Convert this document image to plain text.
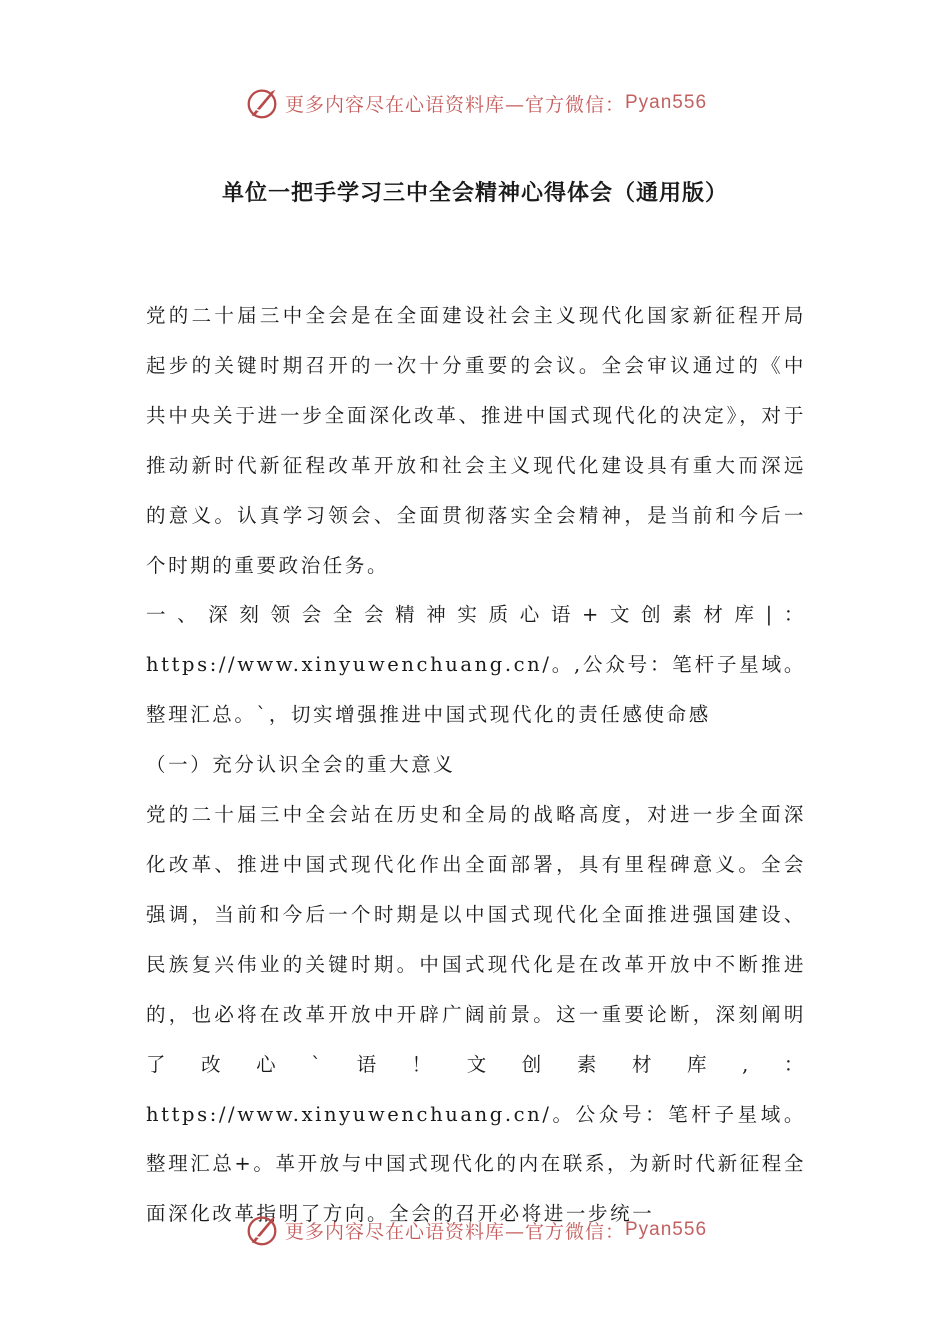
更多内容尽在心语资料库—官方微信： Pyan556
单位一把手学习三中全会精神心得体会（通用版）

党的二十届三中全会是在全面建设社会主义现代化国家新征程开局起步的关键时期召开的一次十分重要的会议。全会审议通过的《中共中央关于进一步全面深化改革、推进中国式现代化的决定》，对于推动新时代新征程改革开放和社会主义现代化建设具有重大而深远的意义。认真学习领会、全面贯彻落实全会精神，是当前和今后一个时期的重要政治任务。

一、深刻领会全会精神实质心语+文创素材库|：https://www.xinyuwenchuang.cn/。,公众号：笔杆子星域。整理汇总。`，切实增强推进中国式现代化的责任感使命感

（一）充分认识全会的重大意义

党的二十届三中全会站在历史和全局的战略高度，对进一步全面深化改革、推进中国式现代化作出全面部署，具有里程碑意义。全会强调，当前和今后一个时期是以中国式现代化全面推进强国建设、民族复兴伟业的关键时期。中国式现代化是在改革开放中不断推进的，也必将在改革开放中开辟广阔前景。这一重要论断，深刻阐明了改心`语！文创素材库,：https://www.xinyuwenchuang.cn/。公众号：笔杆子星域。整理汇总+。革开放与中国式现代化的内在联系，为新时代新征程全面深化改革指明了方向。全会的召开必将进一步统一

更多内容尽在心语资料库—官方微信： Pyan556
